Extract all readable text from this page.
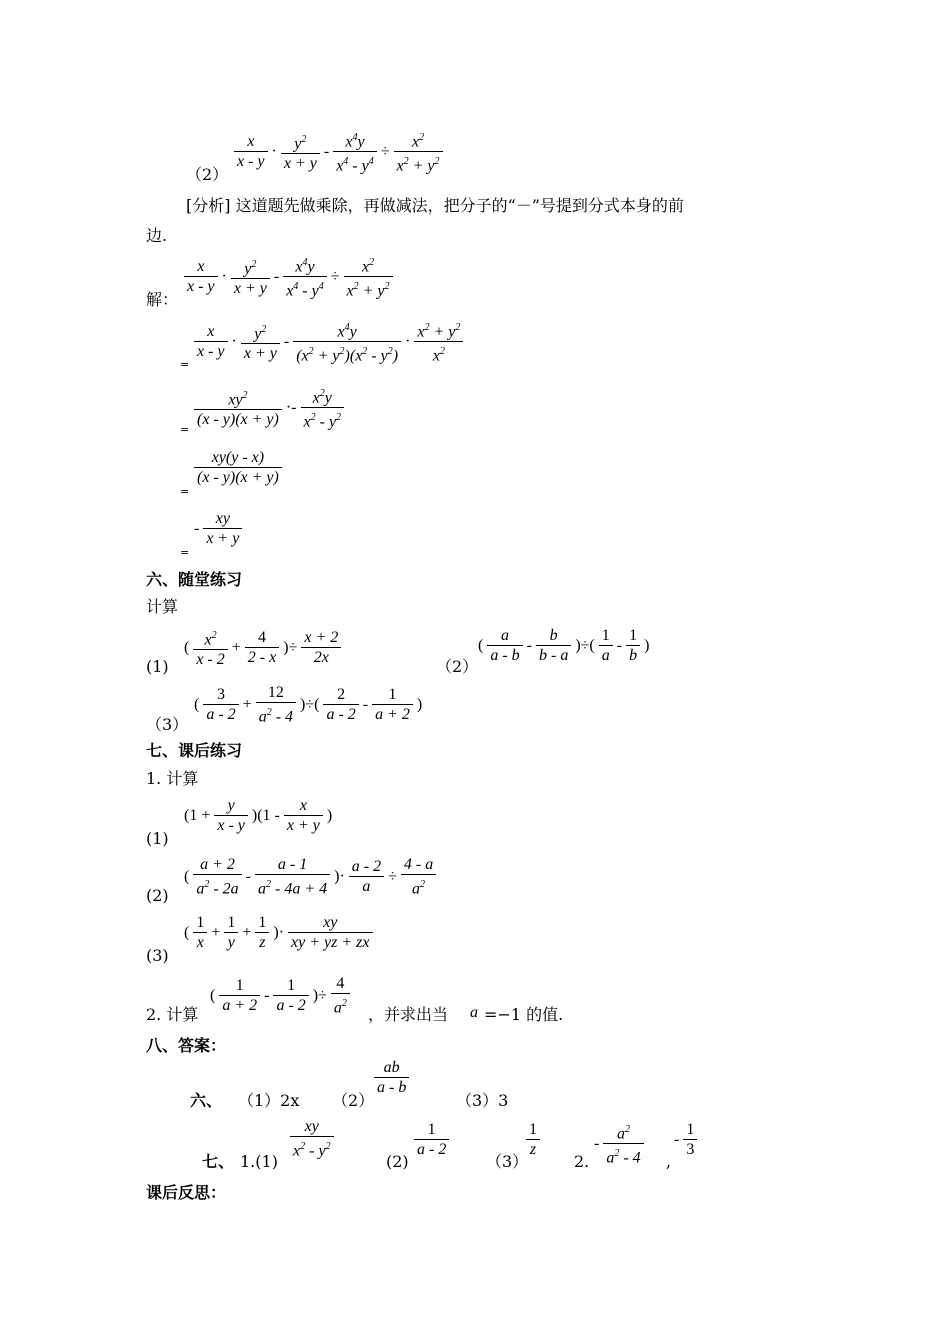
（2）
$\frac{x}{x - y} \cdot \frac{y^2}{x + y} - \frac{x^4y}{x^4 - y^4} \div \frac{x^2}{x^2 + y^2}$
[分析] 这道题先做乘除，再做减法，把分子的“－”号提到分式本身的前
边.
解：
$\frac{x}{x - y} \cdot \frac{y^2}{x + y} - \frac{x^4y}{x^4 - y^4} \div \frac{x^2}{x^2 + y^2}$
=
$\frac{x}{x - y} \cdot \frac{y^2}{x + y} - \frac{x^4y}{(x^2 + y^2)(x^2 - y^2)} \cdot \frac{x^2 + y^2}{x^2}$
=
$\frac{xy^2}{(x - y)(x + y)} \cdot- \frac{x^2y}{x^2 - y^2}$
=
$\frac{xy(y - x)}{(x - y)(x + y)}$
=
- $\frac{xy}{x + y}$
六、随堂练习
计算
(1)
( $\frac{x^2}{x - 2} + \frac{4}{2 - x}$ )÷ $\frac{x + 2}{2x}$	（2）
( $\frac{a}{a - b} - \frac{b}{b - a}$ )÷( $\frac{1}{a} - \frac{1}{b}$ )
（3）
( $\frac{3}{a - 2} + \frac{12}{a^2 - 4}$ )÷( $\frac{2}{a - 2} - \frac{1}{a + 2}$ )
七、课后练习
1. 计算
(1)
$(1 + \frac{y}{x - y} )(1 - \frac{x}{x + y}$ )
(2)
( $\frac{a + 2}{a^2 - 2a} - \frac{a - 1}{a^2 - 4a + 4}$ )· $\frac{a - 2}{a} \div \frac{4 - a}{a^2}$
(3)
( $\frac{1}{x} + \frac{1}{y} + \frac{1}{z}$ )· $\frac{xy}{xy + yz + zx}$
2. 计算
( $\frac{1}{a + 2} - \frac{1}{a - 2}$ )÷ $\frac{4}{a^2}$ ，并求出当 a =−1 的值.
八、答案：
六、 （1）2x （2）
$\frac{ab}{a - b}$
（3）3
七、 1.(1)
$\frac{xy}{x^2 - y^2}$
(2)
$\frac{1}{a - 2}$
（3）
$\frac{1}{z}$
2.
- $\frac{a^2}{a^2 - 4}$ ,
- $\frac{1}{3}$
课后反思：
